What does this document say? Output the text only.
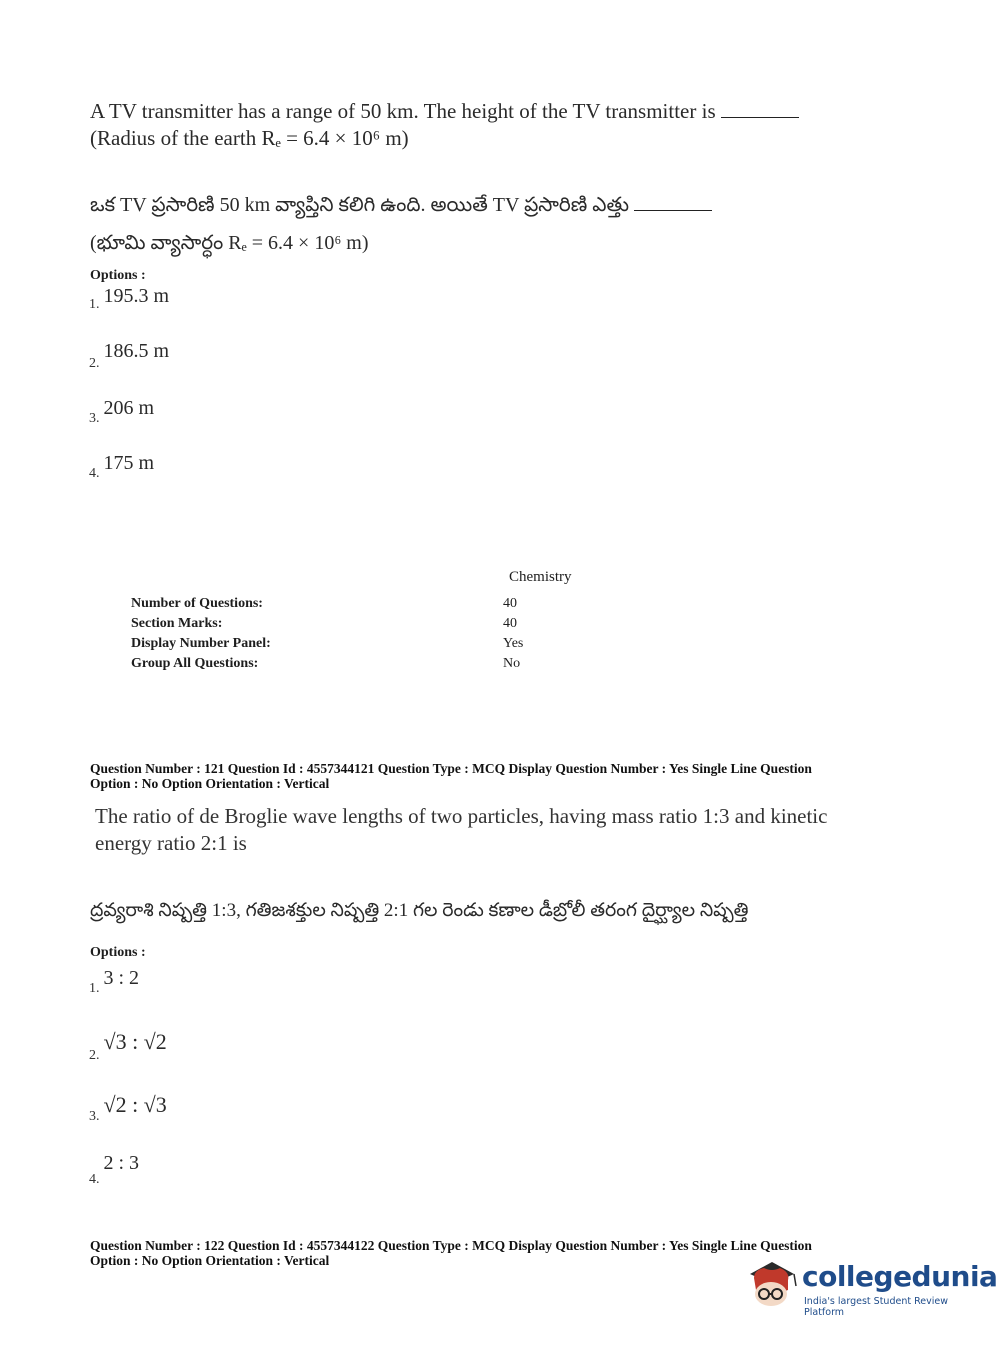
A TV transmitter has a range of 50 km. The height of the TV transmitter is
(Radius of the earth Rₑ = 6.4 × 10⁶ m)
ఒక TV ప్రసారిణి 50 km వ్యాప్తిని కలిగి ఉంది. అయితే TV ప్రసారిణి ఎత్తు
(భూమి వ్యాసార్ధం Rₑ = 6.4 × 10⁶ m)
Options :
1. 195.3 m
2. 186.5 m
3. 206 m
4. 175 m
Chemistry
Number of Questions:	40
Section Marks:	40
Display Number Panel:	Yes
Group All Questions:	No
Question Number : 121 Question Id : 4557344121 Question Type : MCQ Display Question Number : Yes Single Line Question
Option : No Option Orientation : Vertical
The ratio of de Broglie wave lengths of two particles, having mass ratio 1:3 and kinetic
energy ratio 2:1 is
ద్రవ్యరాశి నిష్పత్తి 1:3, గతిజశక్తుల నిష్పత్తి 2:1 గల రెండు కణాల డీబ్రోలీ తరంగ దైర్ఘ్యాల నిష్పత్తి
Options :
1. 3 : 2
2. √3 : √2
3. √2 : √3
4. 2 : 3
Question Number : 122 Question Id : 4557344122 Question Type : MCQ Display Question Number : Yes Single Line Question
Option : No Option Orientation : Vertical	collegedunia
India's largest Student Review Platform
